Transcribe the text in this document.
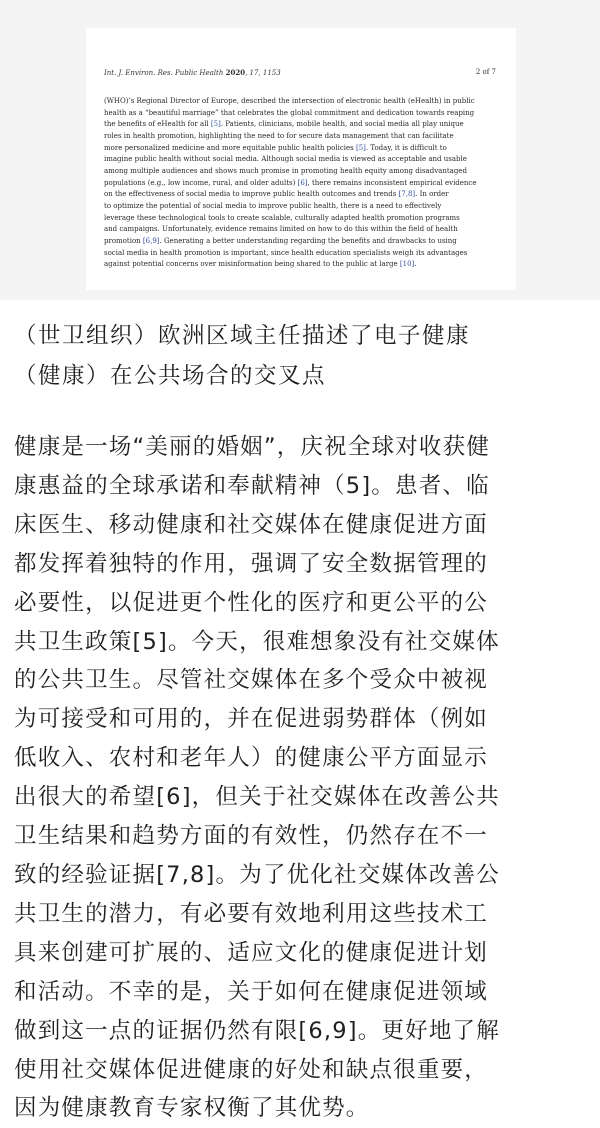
Int. J. Environ. Res. Public Health 2020, 17, 1153	2 of 7

(WHO)’s Regional Director of Europe, described the intersection of electronic health (eHealth) in public
health as a “beautiful marriage” that celebrates the global commitment and dedication towards reaping
the benefits of eHealth for all [5]. Patients, clinicians, mobile health, and social media all play unique
roles in health promotion, highlighting the need to for secure data management that can facilitate
more personalized medicine and more equitable public health policies [5]. Today, it is difficult to
imagine public health without social media. Although social media is viewed as acceptable and usable
among multiple audiences and shows much promise in promoting health equity among disadvantaged
populations (e.g., low income, rural, and older adults) [6], there remains inconsistent empirical evidence
on the effectiveness of social media to improve public health outcomes and trends [7,8]. In order
to optimize the potential of social media to improve public health, there is a need to effectively
leverage these technological tools to create scalable, culturally adapted health promotion programs
and campaigns. Unfortunately, evidence remains limited on how to do this within the field of health
promotion [6,9]. Generating a better understanding regarding the benefits and drawbacks to using
social media in health promotion is important, since health education specialists weigh its advantages
against potential concerns over misinformation being shared to the public at large [10].

（世卫组织）欧洲区域主任描述了电子健康
（健康）在公共场合的交叉点

健康是一场“美丽的婚姻”，庆祝全球对收获健
康惠益的全球承诺和奉献精神（5]。患者、临
床医生、移动健康和社交媒体在健康促进方面
都发挥着独特的作用，强调了安全数据管理的
必要性，以促进更个性化的医疗和更公平的公
共卫生政策[5]。今天，很难想象没有社交媒体
的公共卫生。尽管社交媒体在多个受众中被视
为可接受和可用的，并在促进弱势群体（例如
低收入、农村和老年人）的健康公平方面显示
出很大的希望[6]，但关于社交媒体在改善公共
卫生结果和趋势方面的有效性，仍然存在不一
致的经验证据[7,8]。为了优化社交媒体改善公
共卫生的潜力，有必要有效地利用这些技术工
具来创建可扩展的、适应文化的健康促进计划
和活动。不幸的是，关于如何在健康促进领域
做到这一点的证据仍然有限[6,9]。更好地了解
使用社交媒体促进健康的好处和缺点很重要，
因为健康教育专家权衡了其优势。
